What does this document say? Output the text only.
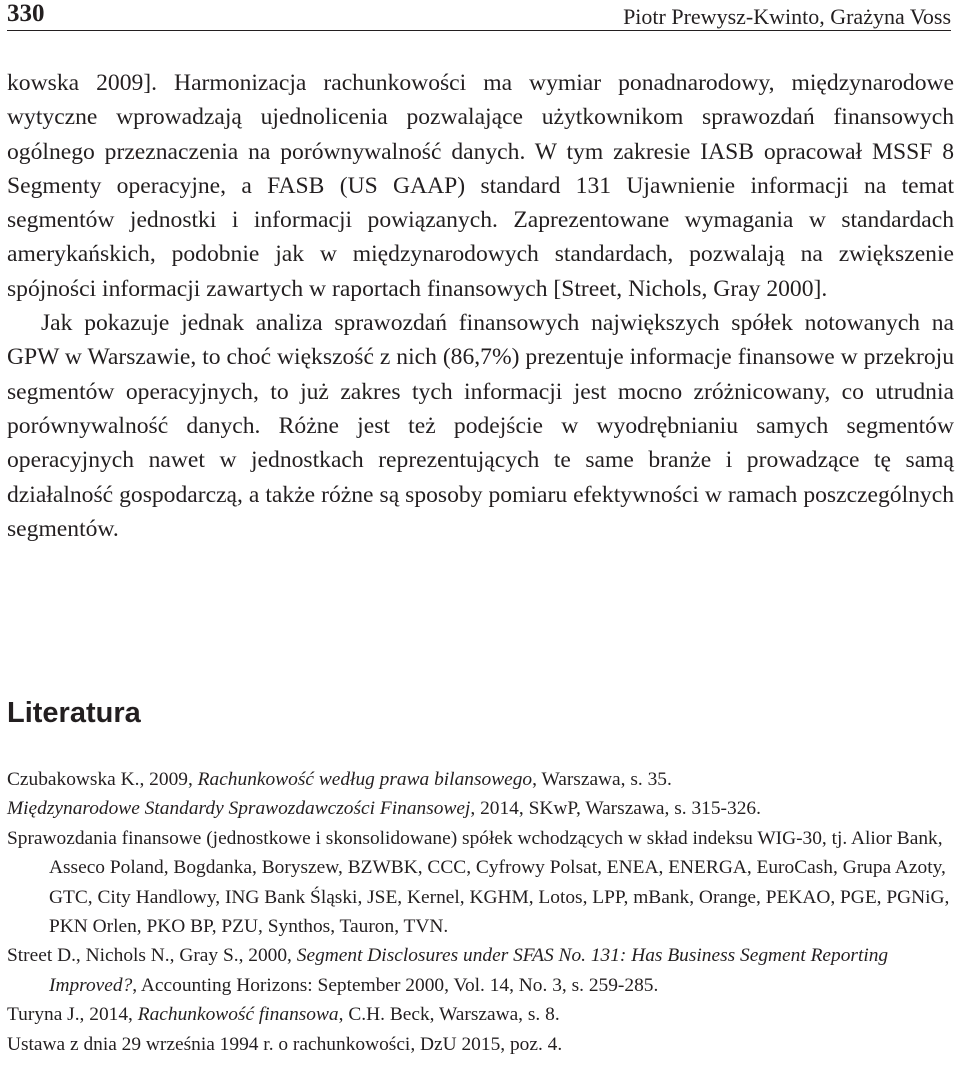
330	Piotr Prewysz-Kwinto, Grażyna Voss

kowska 2009]. Harmonizacja rachunkowości ma wymiar ponadnarodowy, międzynarodowe wytyczne wprowadzają ujednolicenia pozwalające użytkownikom sprawozdań finansowych ogólnego przeznaczenia na porównywalność danych. W tym zakresie IASB opracował MSSF 8 Segmenty operacyjne, a FASB (US GAAP) standard 131 Ujawnienie informacji na temat segmentów jednostki i informacji powiązanych. Zaprezentowane wymagania w standardach amerykańskich, podobnie jak w międzynarodowych standardach, pozwalają na zwiększenie spójności informacji zawartych w raportach finansowych [Street, Nichols, Gray 2000].

Jak pokazuje jednak analiza sprawozdań finansowych największych spółek notowanych na GPW w Warszawie, to choć większość z nich (86,7%) prezentuje informacje finansowe w przekroju segmentów operacyjnych, to już zakres tych informacji jest mocno zróżnicowany, co utrudnia porównywalność danych. Różne jest też podejście w wyodrębnianiu samych segmentów operacyjnych nawet w jednostkach reprezentujących te same branże i prowadzące tę samą działalność gospodarczą, a także różne są sposoby pomiaru efektywności w ramach poszczególnych segmentów.

Literatura
Czubakowska K., 2009, Rachunkowość według prawa bilansowego, Warszawa, s. 35.
Międzynarodowe Standardy Sprawozdawczości Finansowej, 2014, SKwP, Warszawa, s. 315-326.
Sprawozdania finansowe (jednostkowe i skonsolidowane) spółek wchodzących w skład indeksu WIG-30, tj. Alior Bank, Asseco Poland, Bogdanka, Boryszew, BZWBK, CCC, Cyfrowy Polsat, ENEA, ENERGA, EuroCash, Grupa Azoty, GTC, City Handlowy, ING Bank Śląski, JSE, Kernel, KGHM, Lotos, LPP, mBank, Orange, PEKAO, PGE, PGNiG, PKN Orlen, PKO BP, PZU, Synthos, Tauron, TVN.
Street D., Nichols N., Gray S., 2000, Segment Disclosures under SFAS No. 131: Has Business Segment Reporting Improved?, Accounting Horizons: September 2000, Vol. 14, No. 3, s. 259-285.
Turyna J., 2014, Rachunkowość finansowa, C.H. Beck, Warszawa, s. 8.
Ustawa z dnia 29 września 1994 r. o rachunkowości, DzU 2015, poz. 4.
